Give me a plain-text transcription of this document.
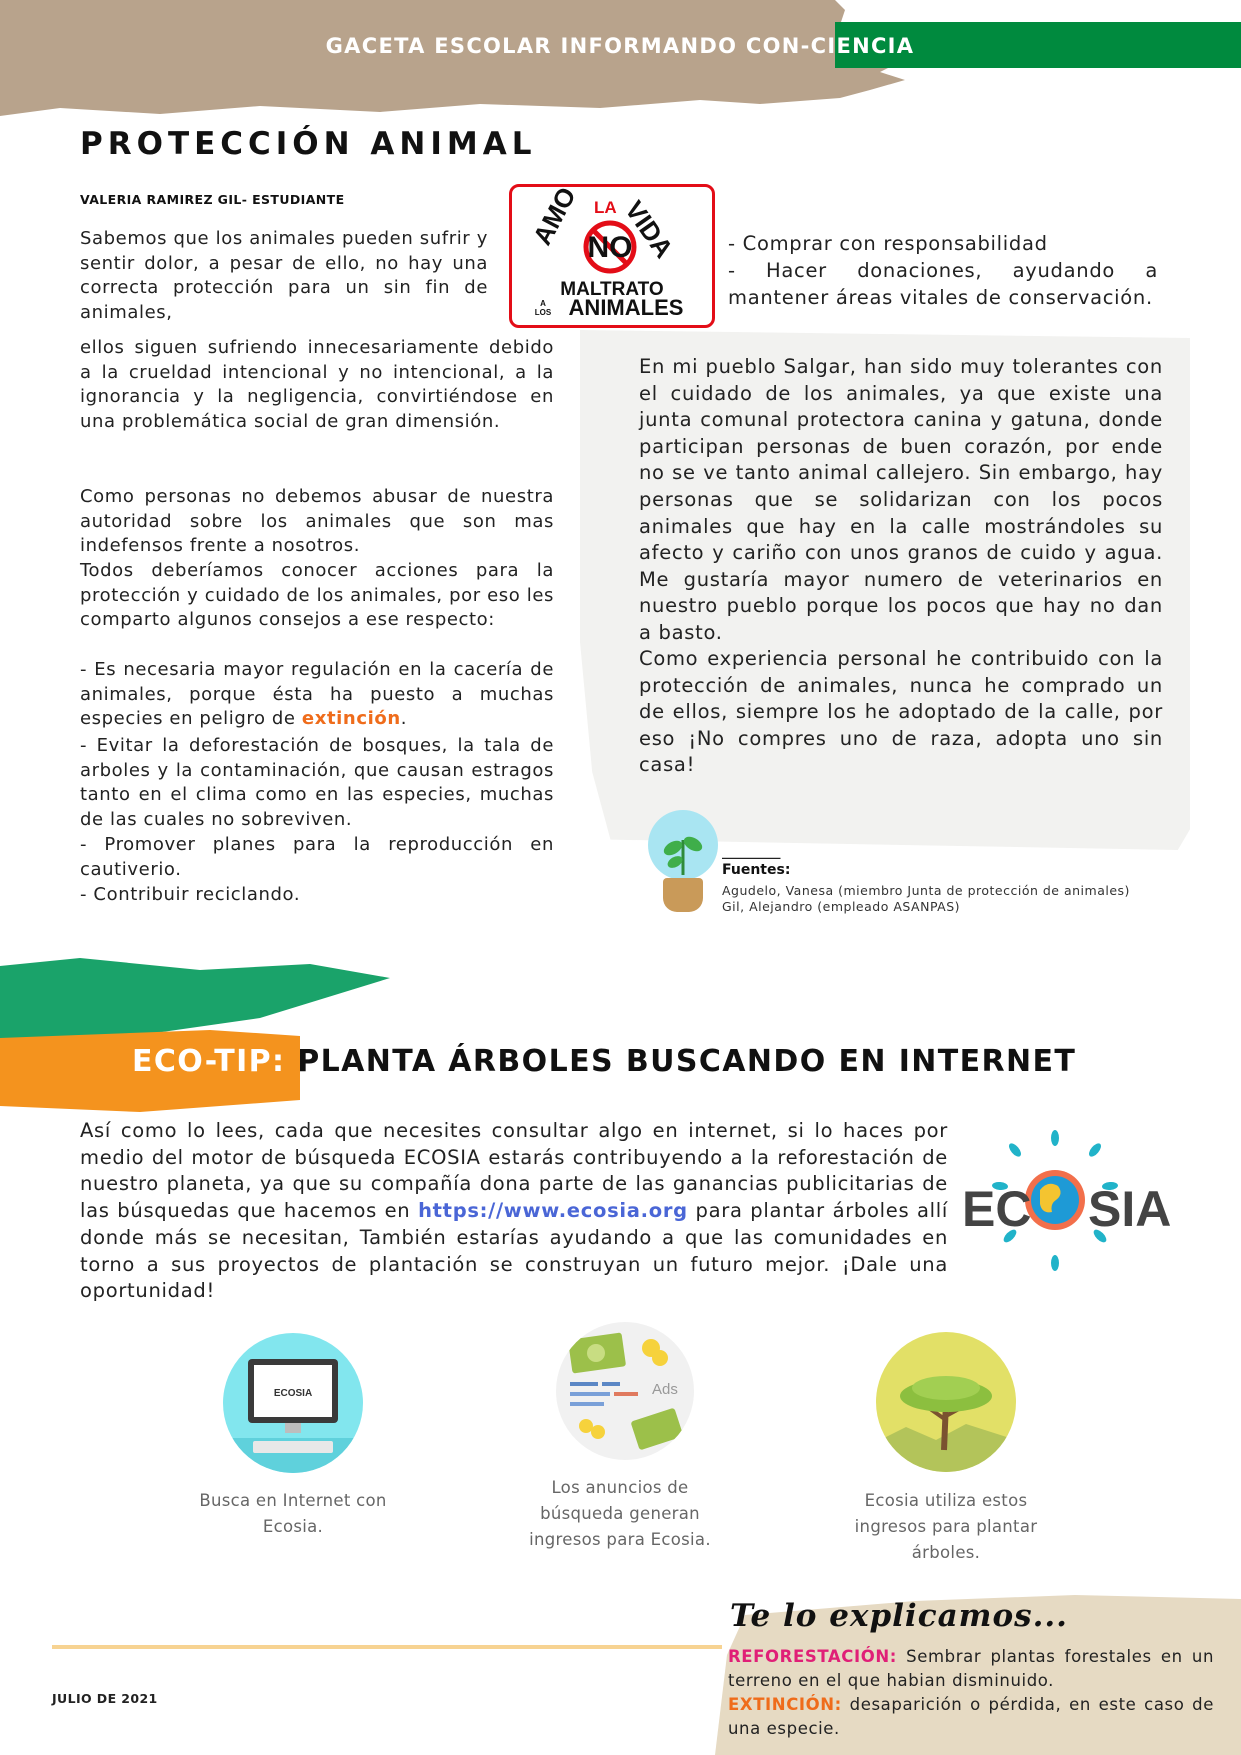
GACETA ESCOLAR INFORMANDO CON-CIENCIA
PROTECCIÓN ANIMAL
VALERIA RAMIREZ GIL- ESTUDIANTE
Sabemos que los animales pueden sufrir y sentir dolor, a pesar de ello, no hay una correcta protección para un sin fin de animales,
ellos siguen sufriendo innecesariamente debido a la crueldad intencional y no intencional, a la ignorancia y la negligencia, convirtiéndose en una problemática social de gran dimensión.
Como personas no debemos abusar de nuestra autoridad sobre los animales que son mas indefensos frente a nosotros.
Todos deberíamos conocer acciones para la protección y cuidado de los animales, por eso les comparto algunos consejos a ese respecto:
- Es necesaria mayor regulación en la cacería de animales, porque ésta ha puesto a muchas especies en peligro de extinción.
- Evitar la deforestación de bosques, la tala de arboles y la contaminación, que causan estragos tanto en el clima como en las especies, muchas de las cuales no sobreviven.
- Promover planes para la reproducción en cautiverio.
- Contribuir reciclando.
AMO LA VIDA
NO
MALTRATO
A
LOS ANIMALES
- Comprar con responsabilidad
- Hacer donaciones, ayudando a mantener áreas vitales de conservación.
En mi pueblo Salgar, han sido muy tolerantes con el cuidado de los animales, ya que existe una junta comunal protectora canina y gatuna, donde participan personas de buen corazón, por ende no se ve tanto animal callejero. Sin embargo, hay personas que se solidarizan con los pocos animales que hay en la calle mostrándoles su afecto y cariño con unos granos de cuido y agua. Me gustaría mayor numero de veterinarios en nuestro pueblo porque los pocos que hay no dan a basto.
Como experiencia personal he contribuido con la protección de animales, nunca he comprado un de ellos, siempre los he adoptado de la calle, por eso ¡No compres uno de raza, adopta uno sin casa!
_________
Fuentes:
Agudelo, Vanesa (miembro Junta de protección de animales)
Gil, Alejandro (empleado ASANPAS)
ECO-TIP: PLANTA ÁRBOLES BUSCANDO EN INTERNET
Así como lo lees, cada que necesites consultar algo en internet, si lo haces por medio del motor de búsqueda ECOSIA estarás contribuyendo a la reforestación de nuestro planeta, ya que su compañía dona parte de las ganancias publicitarias de las búsquedas que hacemos en https://www.ecosia.org para plantar árboles allí donde más se necesitan, También estarías ayudando a que las comunidades en torno a sus proyectos de plantación se construyan un futuro mejor. ¡Dale una oportunidad!
EC SIA
ECOSIA
Busca en Internet con Ecosia.
Ads
Los anuncios de búsqueda generan ingresos para Ecosia.
Ecosia utiliza estos ingresos para plantar árboles.
JULIO DE 2021
Te lo explicamos...
REFORESTACIÓN: Sembrar plantas forestales en un terreno en el que habian disminuido.
EXTINCIÓN: desaparición o pérdida, en este caso de una especie.
